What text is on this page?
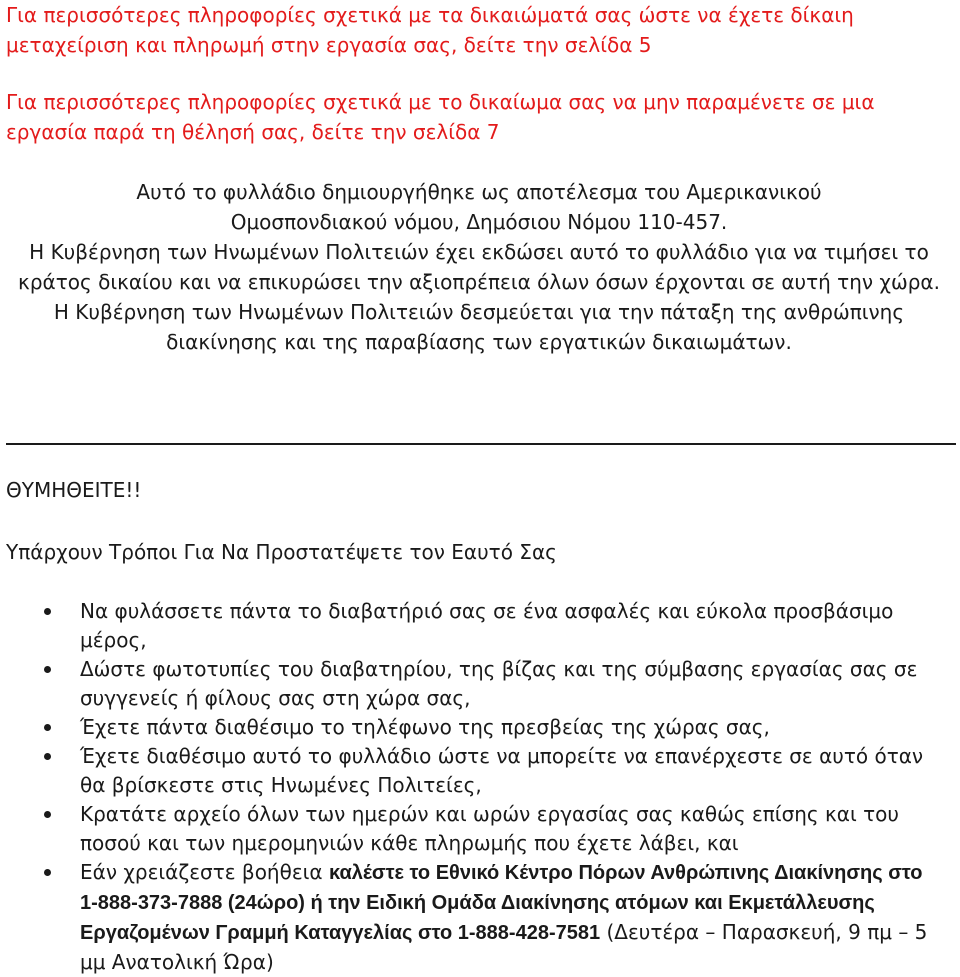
Για περισσότερες πληροφορίες σχετικά με τα δικαιώματά σας ώστε να έχετε δίκαιη μεταχείριση και πληρωμή στην εργασία σας, δείτε την σελίδα 5

Για περισσότερες πληροφορίες σχετικά με το δικαίωμα σας να μην παραμένετε σε μια εργασία παρά τη θέλησή σας, δείτε την σελίδα 7

Αυτό το φυλλάδιο δημιουργήθηκε ως αποτέλεσμα του Αμερικανικού
Ομοσπονδιακού νόμου, Δημόσιου Νόμου 110-457.
Η Κυβέρνηση των Ηνωμένων Πολιτειών έχει εκδώσει αυτό το φυλλάδιο για να τιμήσει το κράτος δικαίου και να επικυρώσει την αξιοπρέπεια όλων όσων έρχονται σε αυτή την χώρα.
Η Κυβέρνηση των Ηνωμένων Πολιτειών δεσμεύεται για την πάταξη της ανθρώπινης διακίνησης και της παραβίασης των εργατικών δικαιωμάτων.

ΘΥΜΗΘΕΙΤΕ!!

Υπάρχουν Τρόποι Για Να Προστατέψετε τον Εαυτό Σας

Να φυλάσσετε πάντα το διαβατήριό σας σε ένα ασφαλές και εύκολα προσβάσιμο μέρος,
Δώστε φωτοτυπίες του διαβατηρίου, της βίζας και της σύμβασης εργασίας σας σε συγγενείς ή φίλους σας στη χώρα σας,
Έχετε πάντα διαθέσιμο το τηλέφωνο της πρεσβείας της χώρας σας,
Έχετε διαθέσιμο αυτό το φυλλάδιο ώστε να μπορείτε να επανέρχεστε σε αυτό όταν θα βρίσκεστε στις Ηνωμένες Πολιτείες,
Κρατάτε αρχείο όλων των ημερών και ωρών εργασίας σας καθώς επίσης και του ποσού και των ημερομηνιών κάθε πληρωμής που έχετε λάβει, και
Εάν χρειάζεστε βοήθεια καλέστε το Εθνικό Κέντρο Πόρων Ανθρώπινης Διακίνησης στο 1-888-373-7888 (24ώρο) ή την Ειδική Ομάδα Διακίνησης ατόμων και Εκμετάλλευσης Εργαζομένων Γραμμή Καταγγελίας στο 1-888-428-7581 (Δευτέρα – Παρασκευή, 9 πμ – 5 μμ Ανατολική Ώρα)
